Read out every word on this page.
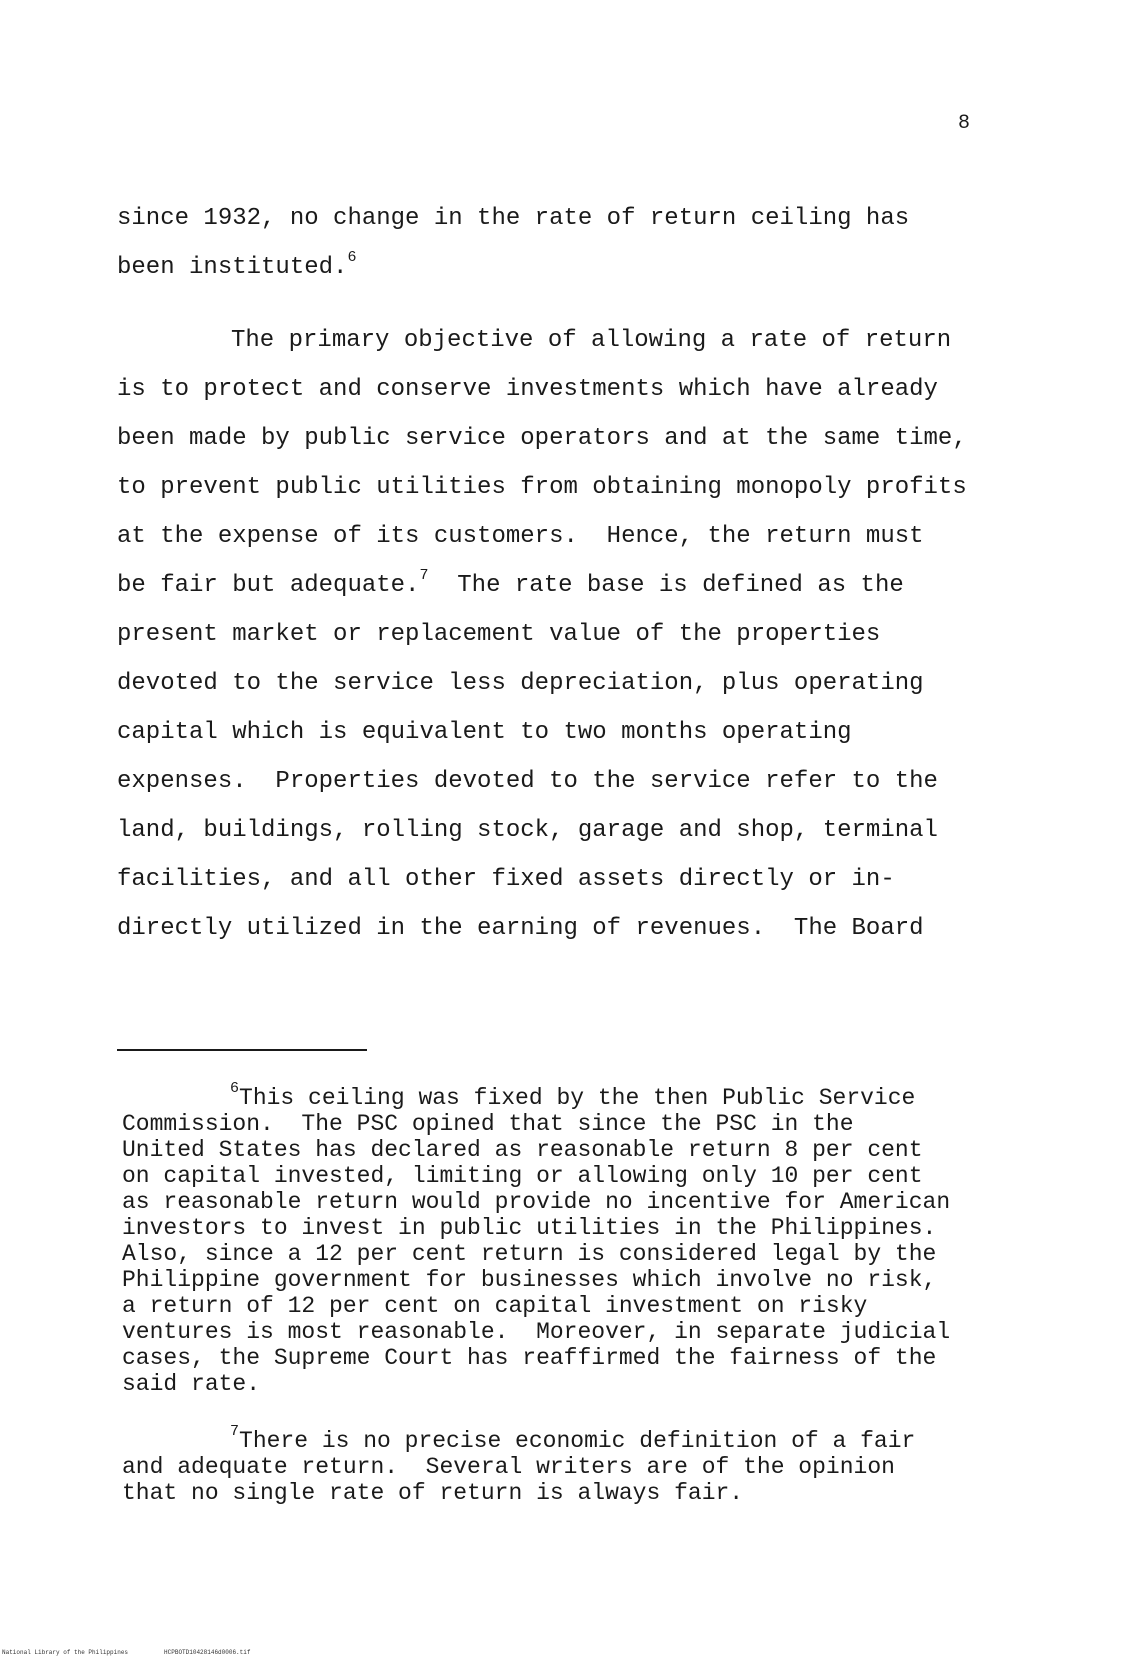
8
since 1932, no change in the rate of return ceiling has
been instituted.$^6$
The primary objective of allowing a rate of return
is to protect and conserve investments which have already
been made by public service operators and at the same time,
to prevent public utilities from obtaining monopoly profits
at the expense of its customers.  Hence, the return must
be fair but adequate.$^7$  The rate base is defined as the
present market or replacement value of the properties
devoted to the service less depreciation, plus operating
capital which is equivalent to two months operating
expenses.  Properties devoted to the service refer to the
land, buildings, rolling stock, garage and shop, terminal
facilities, and all other fixed assets directly or in-
directly utilized in the earning of revenues.  The Board
$^6$This ceiling was fixed by the then Public Service
Commission.  The PSC opined that since the PSC in the
United States has declared as reasonable return 8 per cent
on capital invested, limiting or allowing only 10 per cent
as reasonable return would provide no incentive for American
investors to invest in public utilities in the Philippines.
Also, since a 12 per cent return is considered legal by the
Philippine government for businesses which involve no risk,
a return of 12 per cent on capital investment on risky
ventures is most reasonable.  Moreover, in separate judicial
cases, the Supreme Court has reaffirmed the fairness of the
said rate.
$^7$There is no precise economic definition of a fair
and adequate return.  Several writers are of the opinion
that no single rate of return is always fair.
National Library of the Philippines	HCPBOTD10428146d0006.tif
